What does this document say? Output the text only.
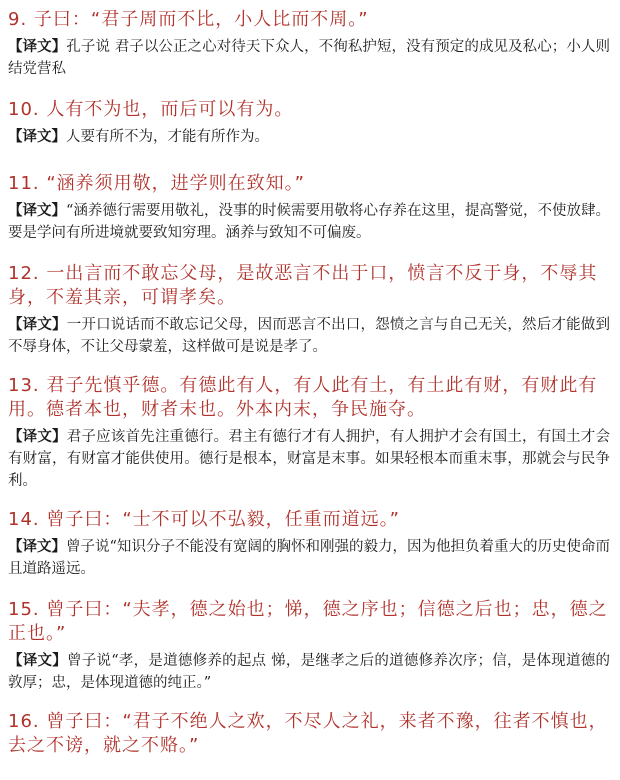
9. 子曰：“君子周而不比，小人比而不周。”

【译文】孔子说 君子以公正之心对待天下众人，不徇私护短，没有预定的成见及私心；小人则结党营私

10. 人有不为也，而后可以有为。

【译文】人要有所不为，才能有所作为。

11. “涵养须用敬，进学则在致知。”

【译文】“涵养德行需要用敬礼，没事的时候需要用敬将心存养在这里，提高警觉，不使放肆。要是学问有所进境就要致知穷理。涵养与致知不可偏废。

12. 一出言而不敢忘父母，是故恶言不出于口，愤言不反于身，不辱其身，不羞其亲，可谓孝矣。

【译文】一开口说话而不敢忘记父母，因而恶言不出口，怨愤之言与自己无关，然后才能做到不辱身体，不让父母蒙羞，这样做可是说是孝了。

13. 君子先慎乎德。有德此有人，有人此有土，有土此有财，有财此有用。德者本也，财者末也。外本内末，争民施夺。

【译文】君子应该首先注重德行。君主有德行才有人拥护，有人拥护才会有国土，有国土才会有财富，有财富才能供使用。德行是根本，财富是末事。如果轻根本而重末事，那就会与民争利。

14. 曾子曰：“士不可以不弘毅，任重而道远。”

【译文】曾子说“知识分子不能没有宽阔的胸怀和刚强的毅力，因为他担负着重大的历史使命而且道路遥远。

15. 曾子曰：“夫孝，德之始也；悌，德之序也；信德之后也；忠，德之正也。”

【译文】曾子说“孝，是道德修养的起点 悌，是继孝之后的道德修养次序；信，是体现道德的敦厚；忠，是体现道德的纯正。”

16. 曾子曰：“君子不绝人之欢，不尽人之礼，来者不豫，往者不慎也，去之不谤，就之不赂。”
